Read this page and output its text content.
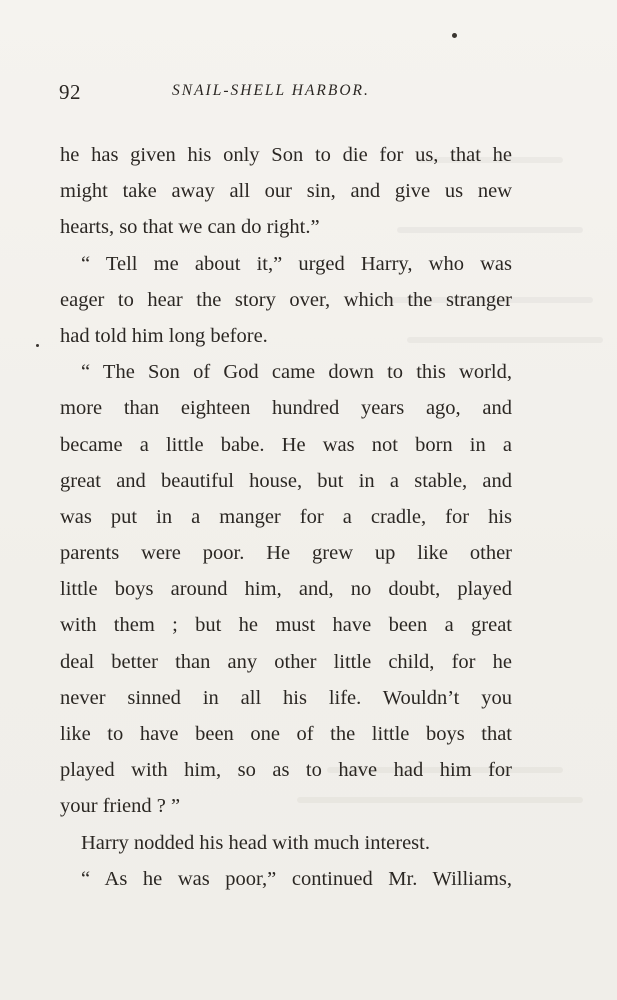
92	SNAIL-SHELL HARBOR.
he has given his only Son to die for us, that he
might take away all our sin, and give us new
hearts, so that we can do right.”
“ Tell me about it,” urged Harry, who was
eager to hear the story over, which the stranger
had told him long before.
“ The Son of God came down to this world,
more than eighteen hundred years ago, and
became a little babe. He was not born in a
great and beautiful house, but in a stable, and
was put in a manger for a cradle, for his
parents were poor. He grew up like other
little boys around him, and, no doubt, played
with them ; but he must have been a great
deal better than any other little child, for he
never sinned in all his life. Wouldn’t you
like to have been one of the little boys that
played with him, so as to have had him for
your friend ? ”
Harry nodded his head with much interest.
“ As he was poor,” continued Mr. Williams,
